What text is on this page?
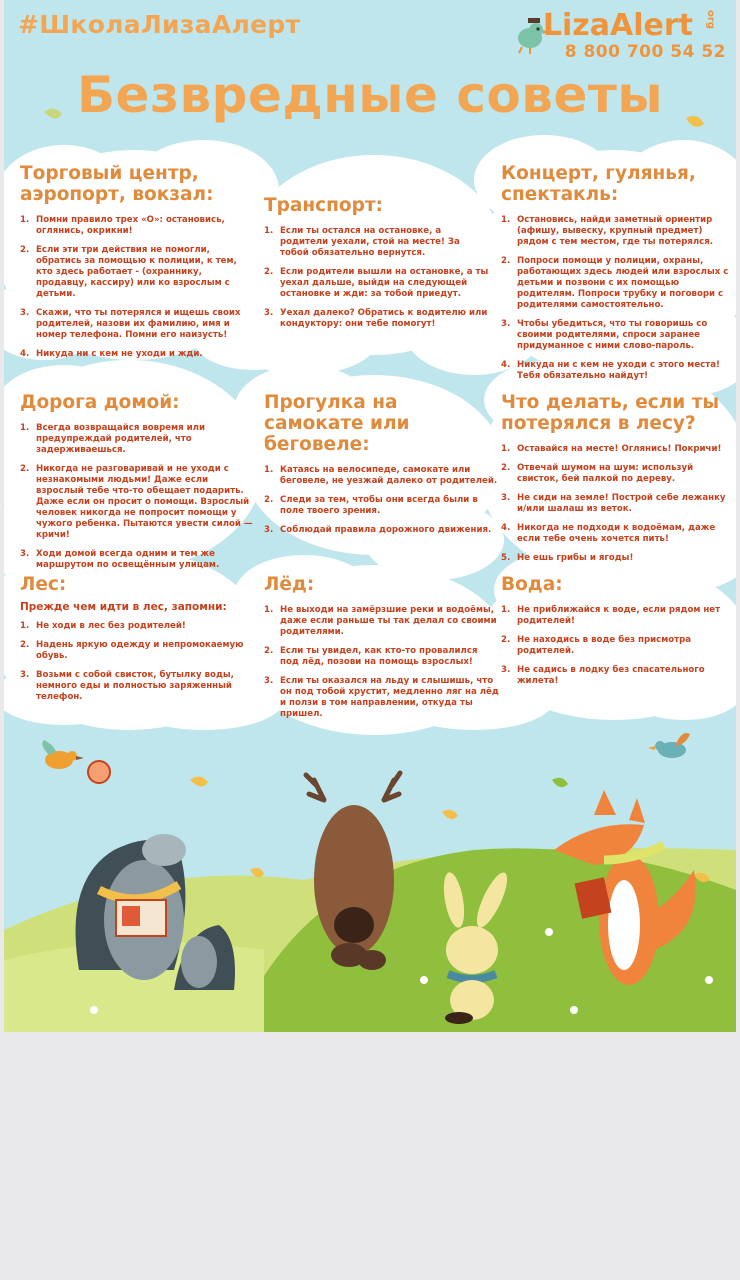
#ШколаЛизаАлерт	LizaAlert org
8 800 700 54 52
Безвредные советы
Торговый центр, аэропорт, вокзал:
Помни правило трех «О»: остановись, оглянись, окрикни!
Если эти три действия не помогли, обратись за помощью к полиции, к тем, кто здесь работает - (охраннику, продавцу, кассиру) или ко взрослым с детьми.
Скажи, что ты потерялся и ищешь своих родителей, назови их фамилию, имя и номер телефона. Помни его наизусть!
Никуда ни с кем не уходи и жди.
Транспорт:
Если ты остался на остановке, а родители уехали, стой на месте! За тобой обязательно вернутся.
Если родители вышли на остановке, а ты уехал дальше, выйди на следующей остановке и жди: за тобой приедут.
Уехал далеко? Обратись к водителю или кондуктору: они тебе помогут!
Концерт, гулянья, спектакль:
Остановись, найди заметный ориентир (афишу, вывеску, крупный предмет) рядом с тем местом, где ты потерялся.
Попроси помощи у полиции, охраны, работающих здесь людей или взрослых с детьми и позвони с их помощью родителям. Попроси трубку и поговори с родителями самостоятельно.
Чтобы убедиться, что ты говоришь со своими родителями, спроси заранее придуманное с ними слово-пароль.
Никуда ни с кем не уходи с этого места! Тебя обязательно найдут!
Дорога домой:
Всегда возвращайся вовремя или предупреждай родителей, что задерживаешься.
Никогда не разговаривай и не уходи с незнакомыми людьми! Даже если взрослый тебе что-то обещает подарить. Даже если он просит о помощи. Взрослый человек никогда не попросит помощи у чужого ребенка. Пытаются увести силой — кричи!
Ходи домой всегда одним и тем же маршрутом по освещённым улицам.
Прогулка на самокате или беговеле:
Катаясь на велосипеде, самокате или беговеле, не уезжай далеко от родителей.
Следи за тем, чтобы они всегда были в поле твоего зрения.
Соблюдай правила дорожного движения.
Что делать, если ты потерялся в лесу?
Оставайся на месте! Оглянись! Покричи!
Отвечай шумом на шум: используй свисток, бей палкой по дереву.
Не сиди на земле! Построй себе лежанку и/или шалаш из веток.
Никогда не подходи к водоёмам, даже если тебе очень хочется пить!
Не ешь грибы и ягоды!
Лес:
Прежде чем идти в лес, запомни:
Не ходи в лес без родителей!
Надень яркую одежду и непромокаемую обувь.
Возьми с собой свисток, бутылку воды, немного еды и полностью заряженный телефон.
Лёд:
Не выходи на замёрзшие реки и водоёмы, даже если раньше ты так делал со своими родителями.
Если ты увидел, как кто-то провалился под лёд, позови на помощь взрослых!
Если ты оказался на льду и слышишь, что он под тобой хрустит, медленно ляг на лёд и ползи в том направлении, откуда ты пришел.
Вода:
Не приближайся к воде, если рядом нет родителей!
Не находись в воде без присмотра родителей.
Не садись в лодку без спасательного жилета!
